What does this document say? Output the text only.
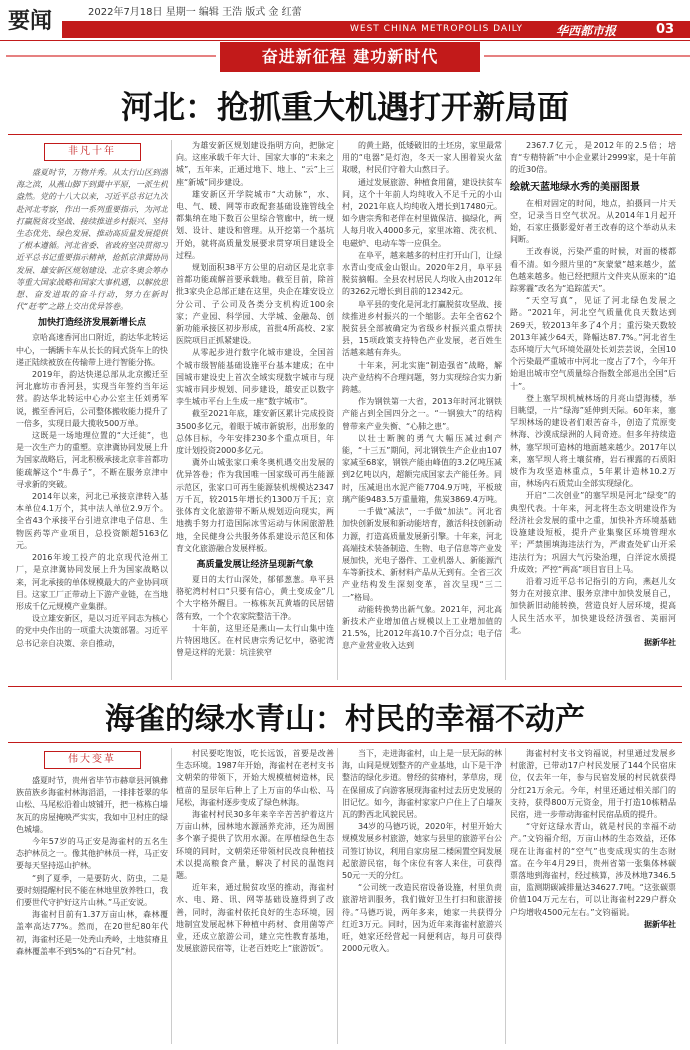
要闻	2022年7月18日 星期一 编辑 王浩 版式 金 红蕾
WEST CHINA METROPOLIS DAILY	华西都市报	03
奋进新征程 建功新时代
河北：抢抓重大机遇打开新局面
非凡十年

盛夏时节，万物并秀。从太行山区到渤海之滨，从燕山脚下到冀中平原，一派生机盎然。党的十八大以来，习近平总书记九次赴河北考察，作出一系列重要指示，为河北打赢脱贫攻坚战、接续推进乡村振兴、坚持生态优先、绿色发展、推动高质量发展提供了根本遵循。河北省委、省政府坚决贯彻习近平总书记重要指示精神，抢抓京津冀协同发展、雄安新区规划建设、北京冬奥会筹办等重大国家战略和国家大事机遇，以解放思想、奋发进取的奋斗行动，努力在新时代“赶考”之路上交出优异答卷。

加快打造经济发展新增长点

京哈高速香河出口附近，韵达华北转运中心，一辆辆卡车从长长的间式货车上的快递正陆续被放在传输带上进行智能分拣。

2019年，韵达快递总部从北京搬迁至河北廊坊市香河县，实现当年签约当年运营。韵达华北转运中心办公室主任刘勇军说，搬至香河后，公司整体搬收能力提升了一倍多，实现日最大揽收500万单。

这既是一场地理位置的“大迁徙”，也是一次生产力的重塑。京津冀协同发展上升为国家战略后，河北积极承接北京非首都功能疏解这个“牛鼻子”，不断在服务京津中寻求新的突破。

2014年以来，河北已承接京津转入基本单位4.1万个，其中法人单位2.9万个。全省43个承接平台引进京津电子信息、生物医药等产业项目，总投资额超5163亿元。

2016年竣工投产的北京现代沧州工厂，是京津冀协同发展上升为国家战略以来，河北承接的单体规模最大的产业协同项目。这家工厂正带动上下游产业链，在当地形成千亿元规模产业集群。

设立雄安新区，是以习近平同志为核心的党中央作出的一项重大决策部署。习近平总书记亲自决策、亲自推动，

为雄安新区规划建设指明方向，把脉定向。这座承载千年大计、国家大事的“未来之城”，五年来，正通过地下、地上、“云”上三座“新城”同步建设。

雄安新区开学院城市“大动脉”，水、电、气、暖、网等市政配套基础设施管线全都集纳在地下数百公里综合管廊中，统一规划、设计、建设和管理。从开挖第一个基坑开始，就将高质量发展要求贯穿项目建设全过程。

规划面积38平方公里的启动区是北京非首都功能疏解首要承载地。截至目前，除首批3家央企总部正建在这里，央企在雄安设立分公司、子公司及各类分支机构近100余家；产业园、科学园、大学城、金融岛、创新功能承接区初步形成，首批4所高校、2家医院项目正抓紧建设。

从零起步进行数字化城市建设，全国首个城市级智能基础设施平台基本建成；在中国城市建设史上首次全域实现数字城市与现实城市同步规划、同步建设，雄安正以数字孪生城市平台上生成一座“数字城市”。

截至2021年底，雄安新区累计完成投资3500多亿元，着眼于城市新貌形，出形象的总体目标，今年安排230多个重点项目，年度计划投资2000多亿元。

冀外山城张家口乘冬奥机遇交出发展的优异答卷；作为我国唯一国家级可再生能源示范区，张家口可再生能源装机规模达2347万千瓦，较2015年增长约1300万千瓦；京张体育文化旅游带不断从规划迈向现实，两地携手努力打造国际冰雪运动与休闲旅游胜地，全民健身公共服务体系建设示范区和体育文化旅游融合发展样板。

高质量发展让经济呈现新气象

夏日的太行山深处，郁郁葱葱。阜平县骆驼湾村村口“只要有信心，黄土变成金”几个大字格外醒目。一栋栋灰瓦黄墙的民居错落有致，一个个农家院整洁干净。

十年前，这里还是燕山—太行山集中连片特困地区。在村民唐宗秀记忆中，骆驼湾曾是这样的光景：坑洼狭窄

的黄土路，低矮破旧的土坯房，家里最常用的“电器”是灯泡，冬天一家人围着炭火盆取暖，村民们守着大山熬日子。

通过发展旅游、种植食用菌，建设扶贫车间，这个十年前人均纯收入不足千元的小山村，2021年底人均纯收入增长到17480元。如今唐宗秀和老伴在村里做保洁、搞绿化，两人每月收入4000多元，家里冰箱、洗衣机、电磁炉、电动车等一应俱全。

在阜平，越来越多的村庄打开山门，让绿水青山变成金山银山。2020年2月，阜平县脱贫摘帽。全县农村居民人均收入由2012年的3262元增长到目前的12342元。

阜平县的变化是河北打赢脱贫攻坚战、接续推进乡村振兴的一个缩影。去年全省62个脱贫县全部被确定为省级乡村振兴重点帮扶县，15项政策支持特色产业发展，老百姓生活越来越有奔头。

十年来，河北实施“制造强省”战略，解决产业结构不合理问题，努力实现综合实力新跨越。

作为钢铁第一大省，2013年时河北钢铁产能占到全国四分之一。“一钢独大”的结构曾带来产业失衡、“心肺之患”。

以壮士断腕的勇气大幅压减过剩产能，“十三五”期间，河北钢铁生产企业由107家减至68家，钢铁产能由峰值的3.2亿吨压减到2亿吨以内，超额完成国家去产能任务。同时，压减退出水泥产能7704.9万吨，平板玻璃产能9483.5万重量箱，焦炭3869.4万吨。

一手做“减法”，一手做“加法”。河北省加快创新发展和新动能培育，激活科技创新动力源，打造高质量发展新引擎。十年来，河北高端技术装备制造、生物、电子信息等产业发展加快，光电子器件、工业机器人、新能源汽车等新技术、新材料产品从无到有。全省三次产业结构发生深刻变革，首次呈现“三二一”格局。

动能转换势出新气象。2021年，河北高新技术产业增加值占规模以上工业增加值的21.5%，比2012年高10.7个百分点；电子信息产业营业收入达到

2367.7亿元，是2012年的2.5倍；培育“专精特新”中小企业累计2999家，是十年前的近30倍。

绘就天蓝地绿水秀的美丽图景

在相对固定的时间，地点，拍摄同一片天空，记录当日空气状况。从2014年1月起开始，石家庄摄影爱好者王改春的这个举动从未间断。

王改春说，污染严重的时候，对面的楼都看不清。如今照片里的“灰蒙蒙”越来越少，蓝色越来越多。他已经把照片文件夹从原来的“追踪雾霾”改名为“追踪蓝天”。

“天空写真”，见证了河北绿色发展之路。“2021年，河北空气质量优良天数达到269天，较2013年多了4个月；重污染天数较2013年减少64天，降幅达87.7%。”河北省生态环境厅大气环境处副处长刘芸芸说，全国10个污染最严重城市中河北一度占了7个，今年开始退出城市空气质量综合指数全部退出全国“后十”。

登上塞罕坝机械林场的月亮山望海楼，举目眺望，一片“绿海”延伸到天际。60年来，塞罕坝林场的建设者们艰苦奋斗，创造了荒原变林海、沙漠成绿洲的人间奇迹。但多年持续造林，塞罕坝可造林的地面越来越少。2017年以来，塞罕坝人将土壤贫瘠，岩石裸露的石质阳坡作为攻坚造林重点，5年累计造林10.2万亩，林场内石质荒山全部实现绿化。

开启“二次创业”的塞罕坝是河北“绿变”的典型代表。十年来，河北将生态文明建设作为经济社会发展的重中之重，加快补齐环境基础设施建设短板，提升产业集聚区环境管理水平；严禁围填海违法行为，严肃查处矿山开采违法行为；巩固大气污染治理，白洋淀水质提升成效；严控“两高”项目盲目上马。

沿着习近平总书记指引的方向，燕赵儿女努力在对接京津、服务京津中加快发展自己，加快新旧动能转换，营造良好人居环境，提高人民生活水平，加快建设经济强省、美丽河北。

据新华社

海雀的绿水青山：村民的幸福不动产
伟大变革

盛夏时节，贵州省毕节市赫章县河镇彝族苗族乡海雀村林海滔滔，一排排苍翠的华山松、马尾松沿着山坡铺开，把一栋栋白墙灰瓦的房屋掩映严实实，我如中卫村庄的绿色城墙。

今年57岁的马正安是海雀村的五名生态护林员之一。像其他护林员一样，马正安要每天坚持巡山护林。

“到了夏季，一是要防火、防虫，二是要时刻提醒村民不能在林地里放养牲口，我们要世代守护好这片山林。”马正安说。

海雀村目前有1.37万亩山林，森林覆盖率高达77%。然而，在20世纪80年代初，海雀村还是一处秃山秃岭，土地贫瘠且森林覆盖率不到5%的“石旮旯”村。

村民要吃饱饭，吃长远饭，首要是改善生态环境。1987年开始，海雀村在老村支书文朝荣的带领下，开始大规模植树造林，民植苗的星层年后种上了上万亩的华山松、马尾松，海雀村逐步变成了绿色林海。

海雀村村民30多年来辛辛苦苦护着这片万亩山林，园林地水源涵养充沛，还为周围多个寨子提供了饮用水源。在厚植绿色生态环境的同时，文朝荣还带领村民改良种植技术以提高粮食产量，解决了村民的温饱问题。

近年来，通过脱贫攻坚的推动，海雀村水、电、路、讯、网等基础设施得到了改善，同时，海雀村依托良好的生态环境，因地制宜发展起林下种植中药材、食用菌等产业，还成立旅游公司，建立完性教育基地，发展旅游民宿等，让老百姓吃上“旅游饭”。

当下，走进海雀村，山上是一层无际的林海，山间是规划整齐的产业基地，山下是干净整洁的绿化步道。曾经的贫瘠村，茅草房，现在保留成了向游客展现海雀村过去历史发展的旧记忆。如今，海雀村家家户户住上了白墙灰瓦的黔西北风貌民居。

34岁的马德巧说，2020年，村里开始大规模发展乡村旅游，她家与县里的旅游平台公司签订协议，利用自家房屋二楼闲置空间发展起旅游民宿，每个床位有客人来住，可获得50元一天的分红。

“公司统一改造民宿设备设施，村里负责旅游培训服务，我们做好卫生打扫和旅游接待。”马德巧说，两年多来，她家一共获得分红近3万元。同时，因为近年来海雀村旅游兴旺，她家还经营起一间便利店，每月可获得2000元收入。

海雀村村支书文钧福说，村里通过发展乡村旅游，已带动17户村民发展了144个民宿床位，仅去年一年，参与民宿发展的村民就获得分红21万余元。今年，村里还通过相关部门的支持，获得800万元资金，用于打造10栋精品民宿，进一步带动海雀村民宿品质的提升。

“守好这绿水青山，就是村民的幸福不动产。”文钧福介绍，万亩山林的生态效益，还体现在让海雀村的“空气”也变成现实的生态财富。在今年4月29日，贵州省第一张集体林碳票落地到海雀村，经过核算，涉及林地7346.5亩，监测期碳减排量达34627.7吨。“这张碳票价值104万元左右，可以让海雀村229户群众户均增收4500元左右。”文钧福说。

据新华社
